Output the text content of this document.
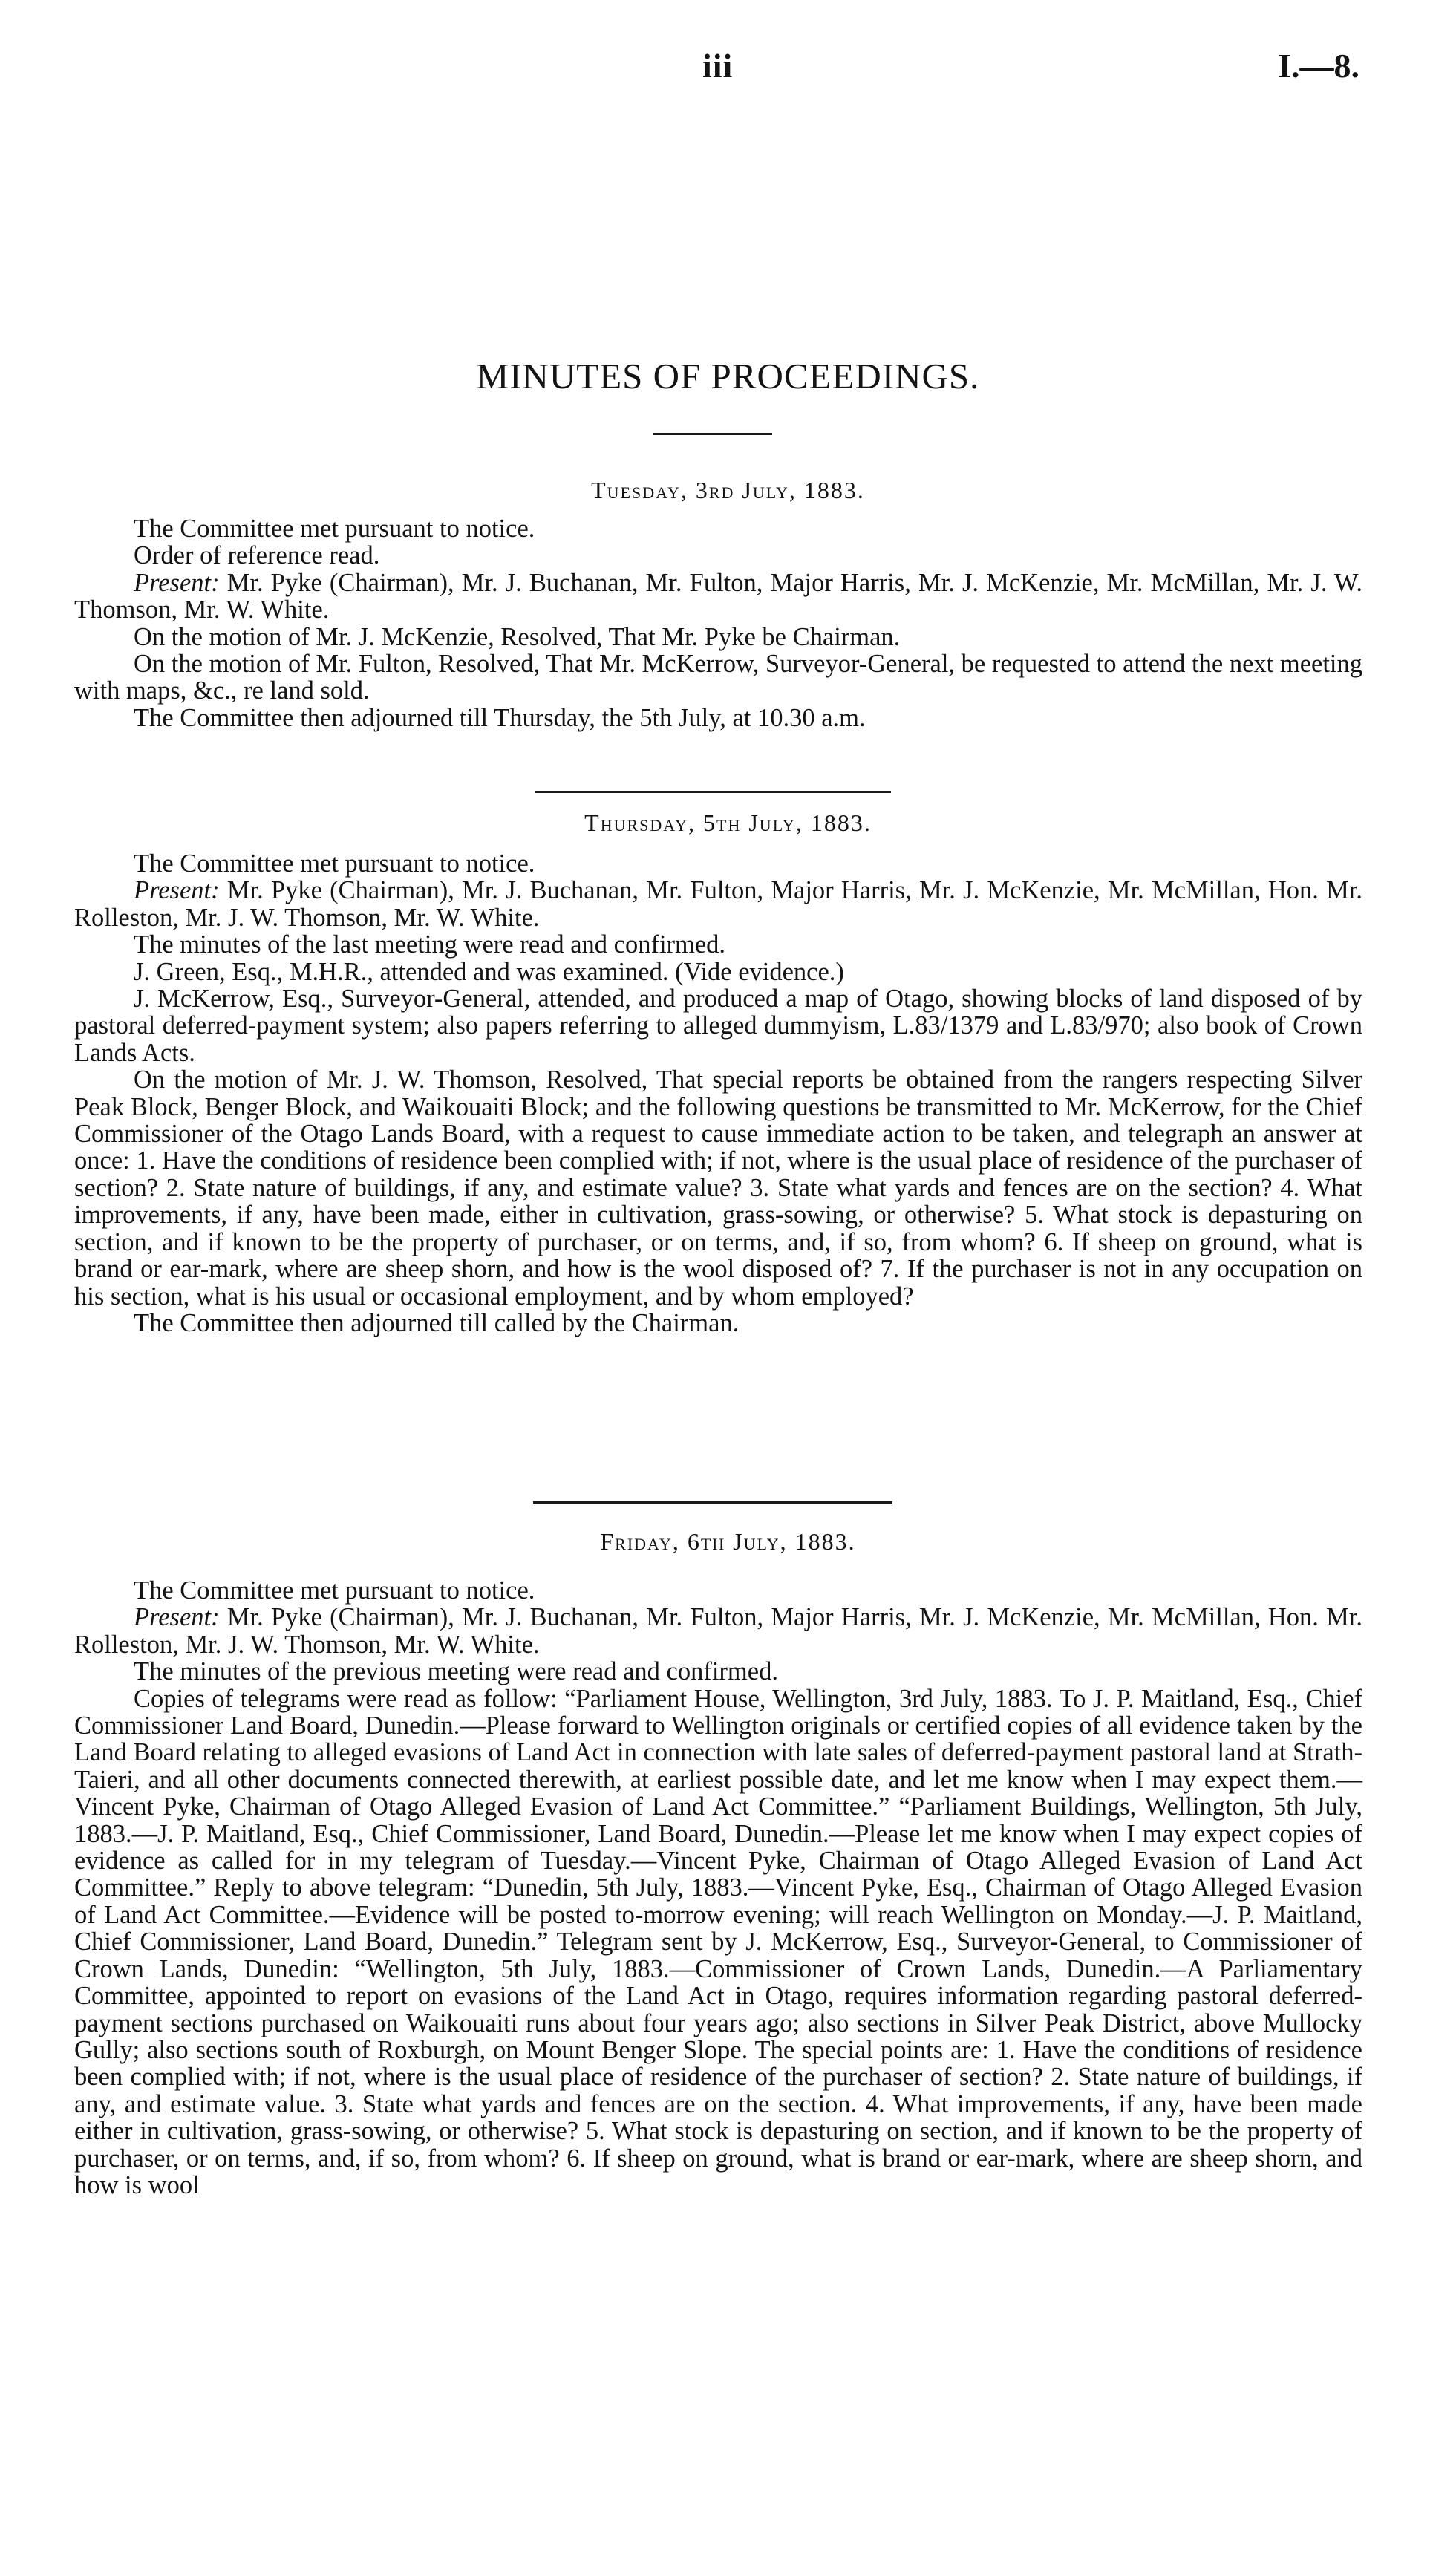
iii	I.—8.
MINUTES OF PROCEEDINGS.
Tuesday, 3rd July, 1883.

The Committee met pursuant to notice.

Order of reference read.

Present: Mr. Pyke (Chairman), Mr. J. Buchanan, Mr. Fulton, Major Harris, Mr. J. McKenzie, Mr. McMillan, Mr. J. W. Thomson, Mr. W. White.

On the motion of Mr. J. McKenzie, Resolved, That Mr. Pyke be Chairman.

On the motion of Mr. Fulton, Resolved, That Mr. McKerrow, Surveyor-General, be requested to attend the next meeting with maps, &c., re land sold.

The Committee then adjourned till Thursday, the 5th July, at 10.30 a.m.

Thursday, 5th July, 1883.

The Committee met pursuant to notice.

Present: Mr. Pyke (Chairman), Mr. J. Buchanan, Mr. Fulton, Major Harris, Mr. J. McKenzie, Mr. McMillan, Hon. Mr. Rolleston, Mr. J. W. Thomson, Mr. W. White.

The minutes of the last meeting were read and confirmed.

J. Green, Esq., M.H.R., attended and was examined. (Vide evidence.)

J. McKerrow, Esq., Surveyor-General, attended, and produced a map of Otago, showing blocks of land disposed of by pastoral deferred-payment system; also papers referring to alleged dummyism, L.83/1379 and L.83/970; also book of Crown Lands Acts.

On the motion of Mr. J. W. Thomson, Resolved, That special reports be obtained from the rangers respecting Silver Peak Block, Benger Block, and Waikouaiti Block; and the following questions be transmitted to Mr. McKerrow, for the Chief Commissioner of the Otago Lands Board, with a request to cause immediate action to be taken, and telegraph an answer at once: 1. Have the conditions of residence been complied with; if not, where is the usual place of residence of the purchaser of section? 2. State nature of buildings, if any, and estimate value? 3. State what yards and fences are on the section? 4. What improvements, if any, have been made, either in cultivation, grass-sowing, or otherwise? 5. What stock is depasturing on section, and if known to be the property of purchaser, or on terms, and, if so, from whom? 6. If sheep on ground, what is brand or ear-mark, where are sheep shorn, and how is the wool disposed of? 7. If the purchaser is not in any occupation on his section, what is his usual or occasional employment, and by whom employed?

The Committee then adjourned till called by the Chairman.

Friday, 6th July, 1883.

The Committee met pursuant to notice.

Present: Mr. Pyke (Chairman), Mr. J. Buchanan, Mr. Fulton, Major Harris, Mr. J. McKenzie, Mr. McMillan, Hon. Mr. Rolleston, Mr. J. W. Thomson, Mr. W. White.

The minutes of the previous meeting were read and confirmed.

Copies of telegrams were read as follow: “Parliament House, Wellington, 3rd July, 1883. To J. P. Maitland, Esq., Chief Commissioner Land Board, Dunedin.—Please forward to Wellington originals or certified copies of all evidence taken by the Land Board relating to alleged evasions of Land Act in connection with late sales of deferred-payment pastoral land at Strath-Taieri, and all other documents connected therewith, at earliest possible date, and let me know when I may expect them.—Vincent Pyke, Chairman of Otago Alleged Evasion of Land Act Committee.” “Parliament Buildings, Wellington, 5th July, 1883.—J. P. Maitland, Esq., Chief Commissioner, Land Board, Dunedin.—Please let me know when I may expect copies of evidence as called for in my telegram of Tuesday.—Vincent Pyke, Chairman of Otago Alleged Evasion of Land Act Committee.” Reply to above telegram: “Dunedin, 5th July, 1883.—Vincent Pyke, Esq., Chairman of Otago Alleged Evasion of Land Act Committee.—Evidence will be posted to-morrow evening; will reach Wellington on Monday.—J. P. Maitland, Chief Commissioner, Land Board, Dunedin.” Telegram sent by J. McKerrow, Esq., Surveyor-General, to Commissioner of Crown Lands, Dunedin: “Wellington, 5th July, 1883.—Commissioner of Crown Lands, Dunedin.—A Parliamentary Committee, appointed to report on evasions of the Land Act in Otago, requires information regarding pastoral deferred-payment sections purchased on Waikouaiti runs about four years ago; also sections in Silver Peak District, above Mullocky Gully; also sections south of Roxburgh, on Mount Benger Slope. The special points are: 1. Have the conditions of residence been complied with; if not, where is the usual place of residence of the purchaser of section? 2. State nature of buildings, if any, and estimate value. 3. State what yards and fences are on the section. 4. What improvements, if any, have been made either in cultivation, grass-sowing, or otherwise? 5. What stock is depasturing on section, and if known to be the property of purchaser, or on terms, and, if so, from whom? 6. If sheep on ground, what is brand or ear-mark, where are sheep shorn, and how is wool
